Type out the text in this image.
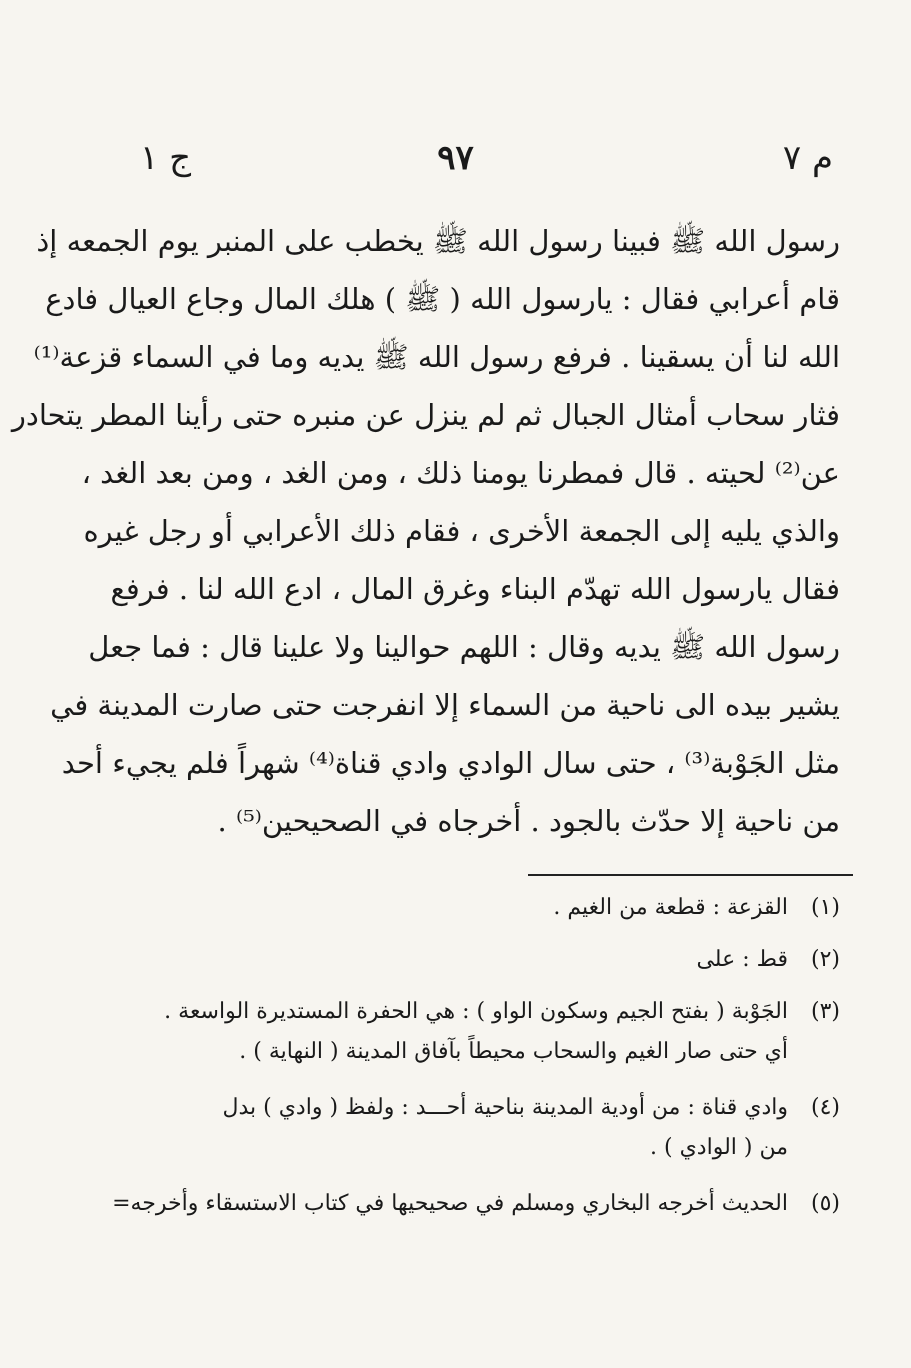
ج ١	٩٧	م ٧
رسول الله ﷺ فبينا رسول الله ﷺ يخطب على المنبر يوم الجمعه إذ
قام أعرابي فقال : يارسول الله ( ﷺ ) هلك المال وجاع العيال فادع
الله لنا أن يسقينا . فرفع رسول الله ﷺ يديه وما في السماء قزعة⁽¹⁾
فثار سحاب أمثال الجبال ثم لم ينزل عن منبره حتى رأينا المطر يتحادر
عن⁽²⁾ لحيته . قال فمطرنا يومنا ذلك ، ومن الغد ، ومن بعد الغد ،
والذي يليه إلى الجمعة الأخرى ، فقام ذلك الأعرابي أو رجل غيره
فقال يارسول الله تهدّم البناء وغرق المال ، ادع الله لنا . فرفع
رسول الله ﷺ يديه وقال : اللهم حوالينا ولا علينا قال : فما جعل
يشير بيده الى ناحية من السماء إلا انفرجت حتى صارت المدينة في
مثل الجَوْبة⁽³⁾ ، حتى سال الوادي وادي قناة⁽⁴⁾ شهراً فلم يجيء أحد
من ناحية إلا حدّث بالجود . أخرجاه في الصحيحين⁽⁵⁾ .
(١)
القزعة : قطعة من الغيم .
(٢)
قط : على
(٣)
الجَوْبة ( بفتح الجيم وسكون الواو ) : هي الحفرة المستديرة الواسعة .
أي حتى صار الغيم والسحاب محيطاً بآفاق المدينة ( النهاية ) .
(٤)
وادي قناة : من أودية المدينة بناحية أحـــد : ولفظ ( وادي ) بدل
من ( الوادي ) .
(٥)
الحديث أخرجه البخاري ومسلم في صحيحيها في كتاب الاستسقاء وأخرجه=
